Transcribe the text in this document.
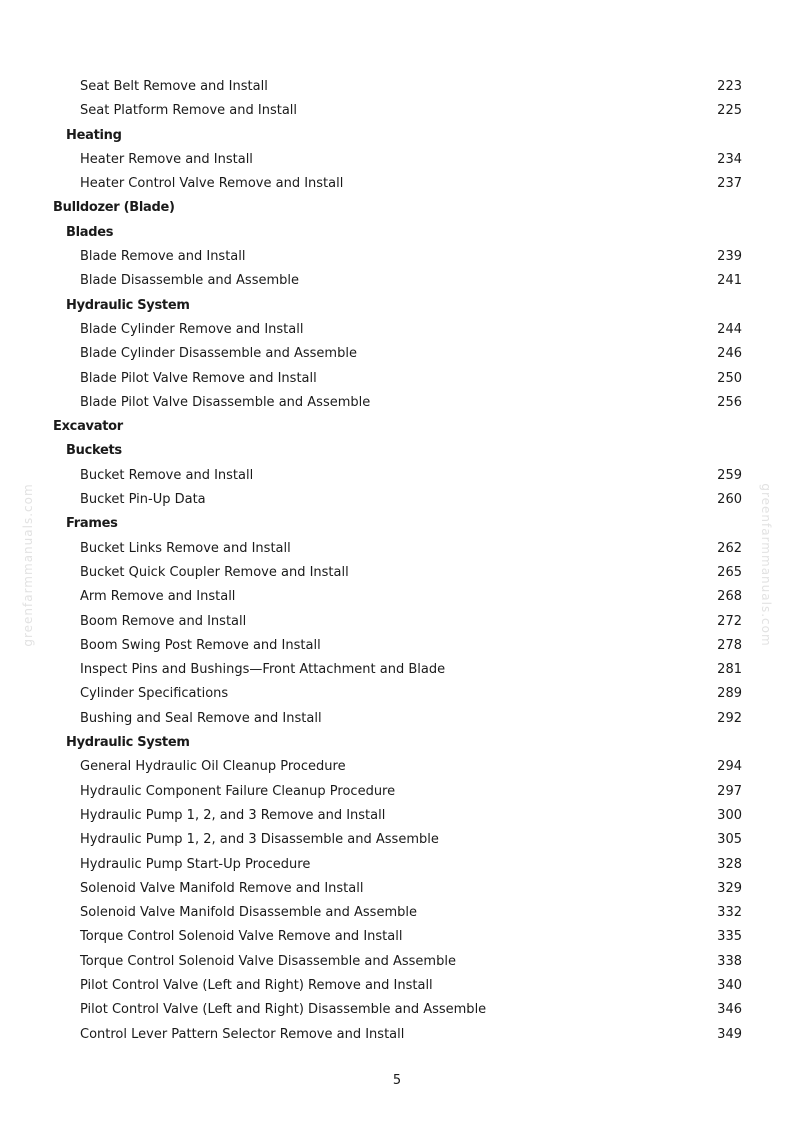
Seat Belt Remove and Install	223
Seat Platform Remove and Install	225
Heating
Heater Remove and Install	234
Heater Control Valve Remove and Install	237
Bulldozer (Blade)
Blades
Blade Remove and Install	239
Blade Disassemble and Assemble	241
Hydraulic System
Blade Cylinder Remove and Install	244
Blade Cylinder Disassemble and Assemble	246
Blade Pilot Valve Remove and Install	250
Blade Pilot Valve Disassemble and Assemble	256
Excavator
Buckets
Bucket Remove and Install	259
Bucket Pin-Up Data	260
Frames
Bucket Links Remove and Install	262
Bucket Quick Coupler Remove and Install	265
Arm Remove and Install	268
Boom Remove and Install	272
Boom Swing Post Remove and Install	278
Inspect Pins and Bushings—Front Attachment and Blade	281
Cylinder Specifications	289
Bushing and Seal Remove and Install	292
Hydraulic System
General Hydraulic Oil Cleanup Procedure	294
Hydraulic Component Failure Cleanup Procedure	297
Hydraulic Pump 1, 2, and 3 Remove and Install	300
Hydraulic Pump 1, 2, and 3 Disassemble and Assemble	305
Hydraulic Pump Start-Up Procedure	328
Solenoid Valve Manifold Remove and Install	329
Solenoid Valve Manifold Disassemble and Assemble	332
Torque Control Solenoid Valve Remove and Install	335
Torque Control Solenoid Valve Disassemble and Assemble	338
Pilot Control Valve (Left and Right) Remove and Install	340
Pilot Control Valve (Left and Right) Disassemble and Assemble	346
Control Lever Pattern Selector Remove and Install	349
5
greenfarmmanuals.com	greenfarmmanuals.com
